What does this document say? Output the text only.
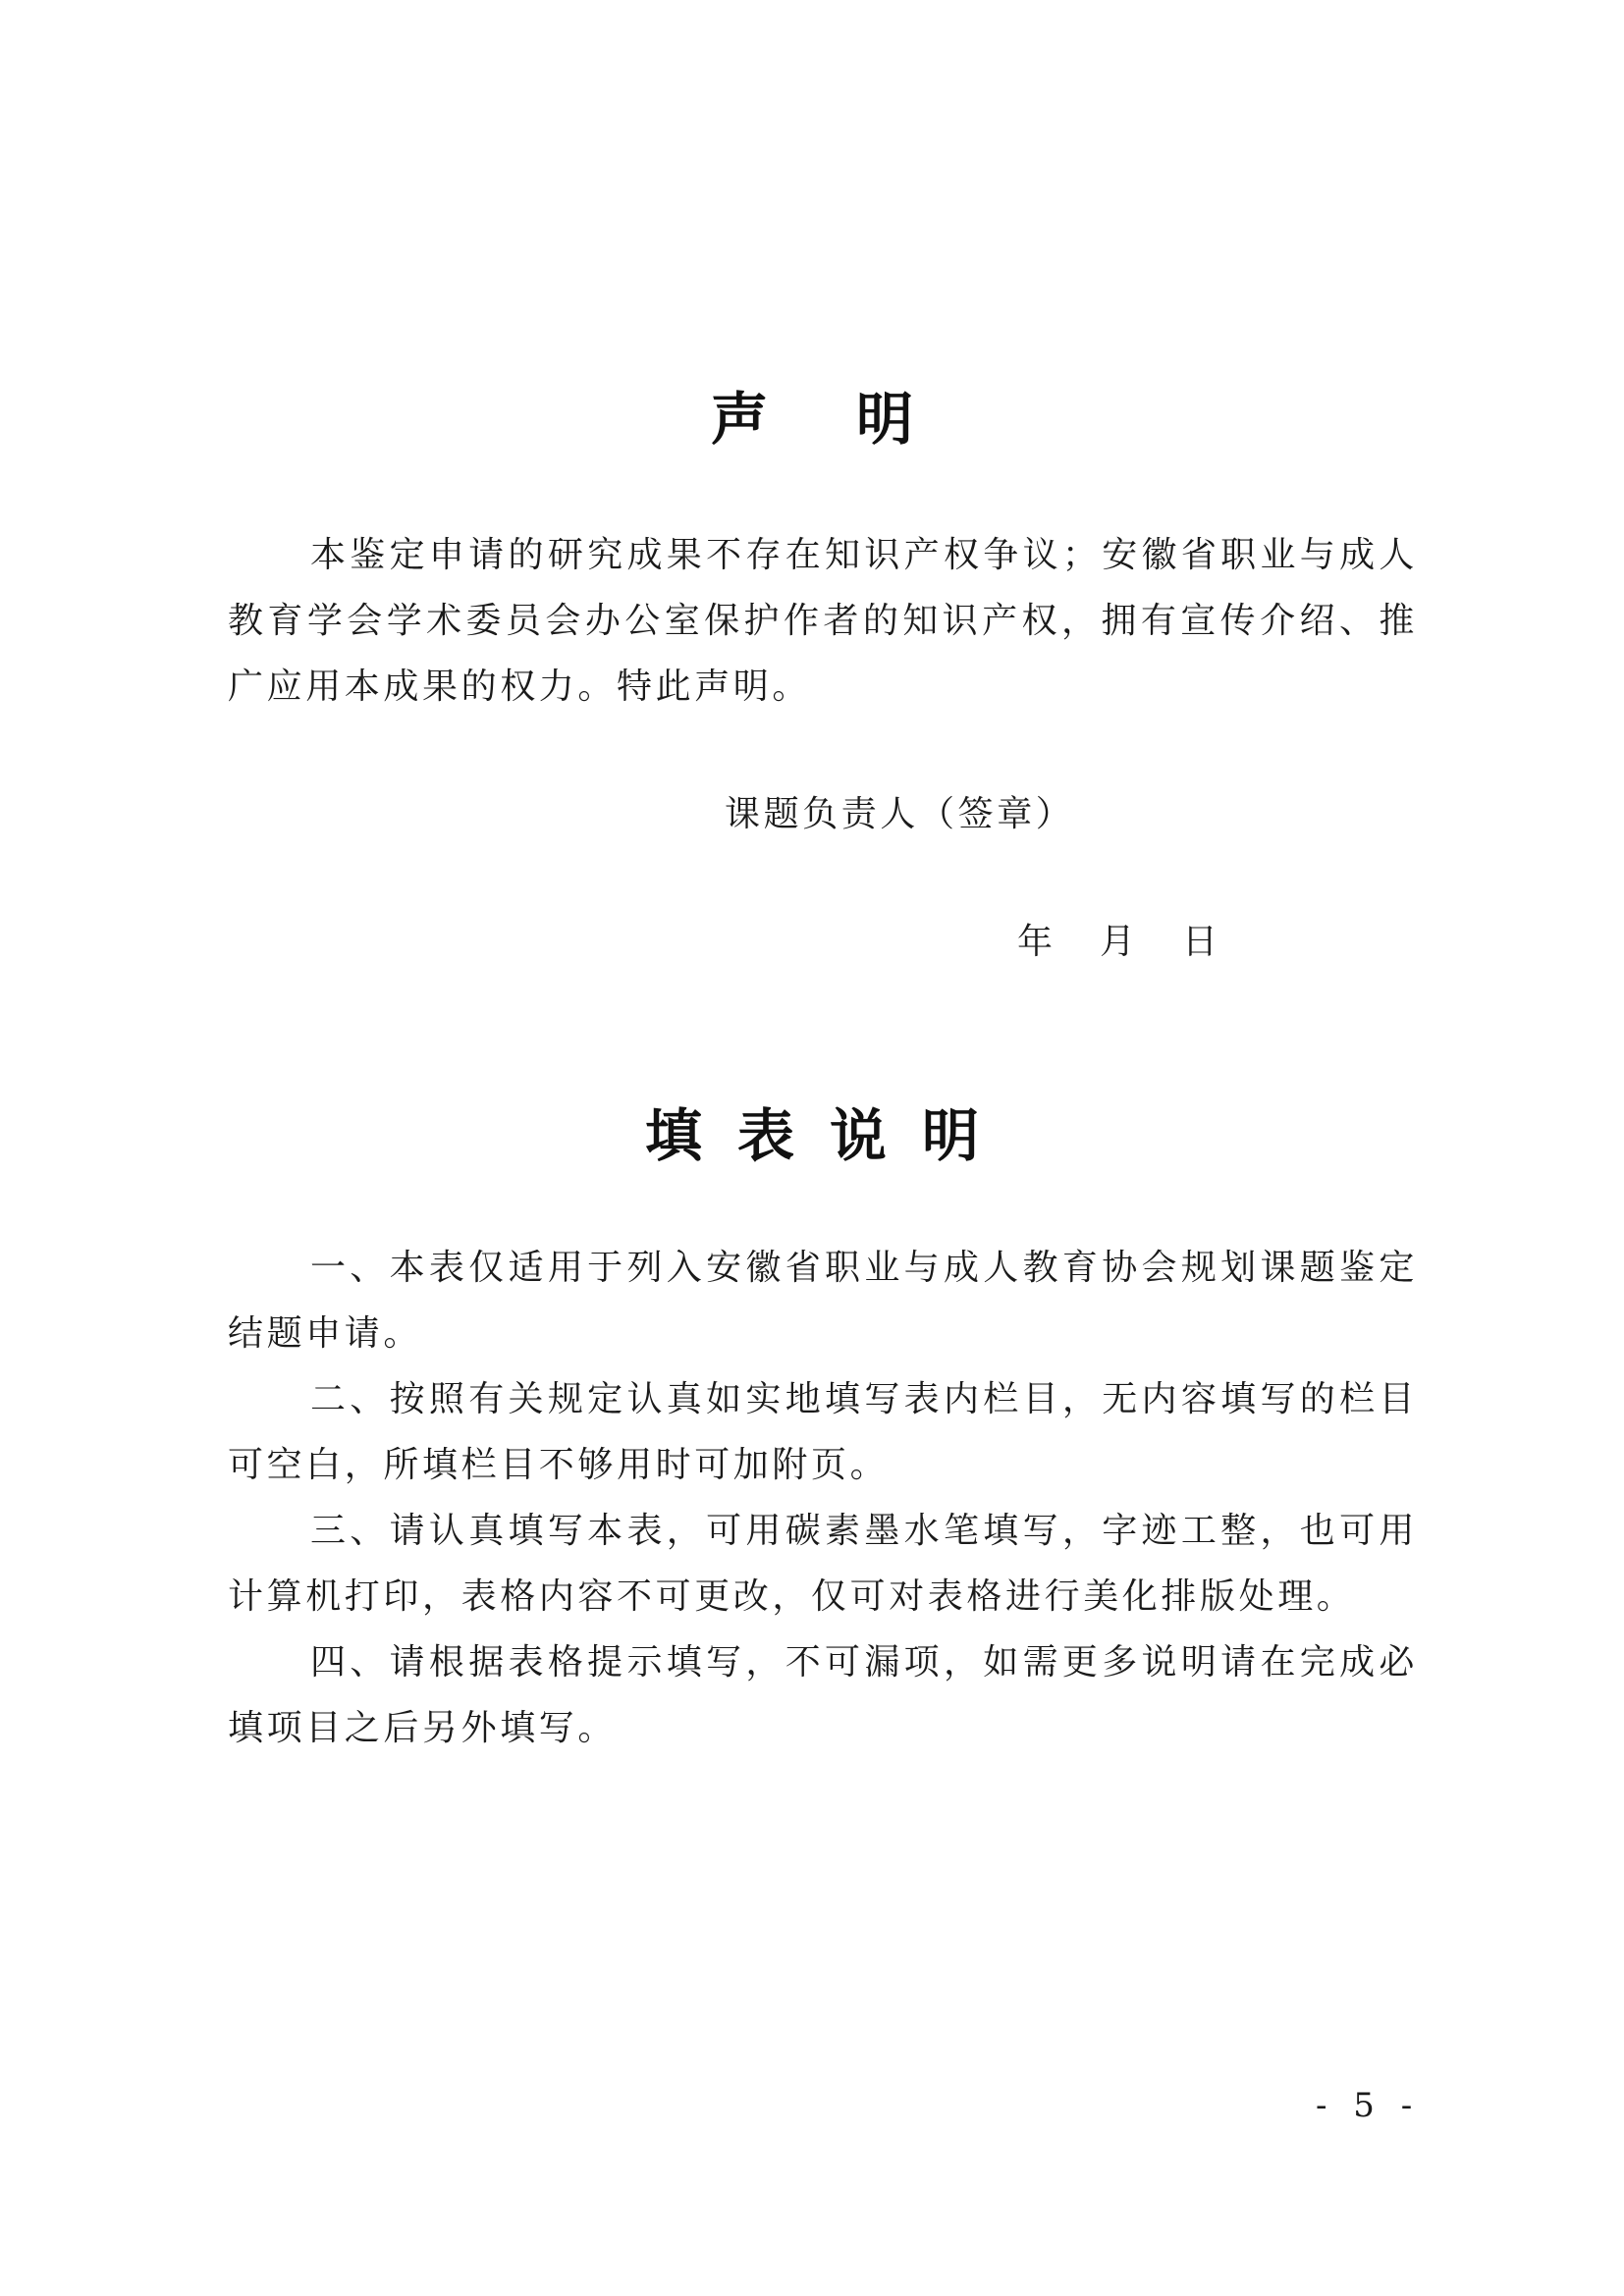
声明

本鉴定申请的研究成果不存在知识产权争议；安徽省职业与成人教育学会学术委员会办公室保护作者的知识产权，拥有宣传介绍、推广应用本成果的权力。特此声明。

课题负责人（签章）
年 月 日
填表说明

一、本表仅适用于列入安徽省职业与成人教育协会规划课题鉴定结题申请。

二、按照有关规定认真如实地填写表内栏目，无内容填写的栏目可空白，所填栏目不够用时可加附页。

三、请认真填写本表，可用碳素墨水笔填写，字迹工整，也可用计算机打印，表格内容不可更改，仅可对表格进行美化排版处理。

四、请根据表格提示填写，不可漏项，如需更多说明请在完成必填项目之后另外填写。

- 5 -
